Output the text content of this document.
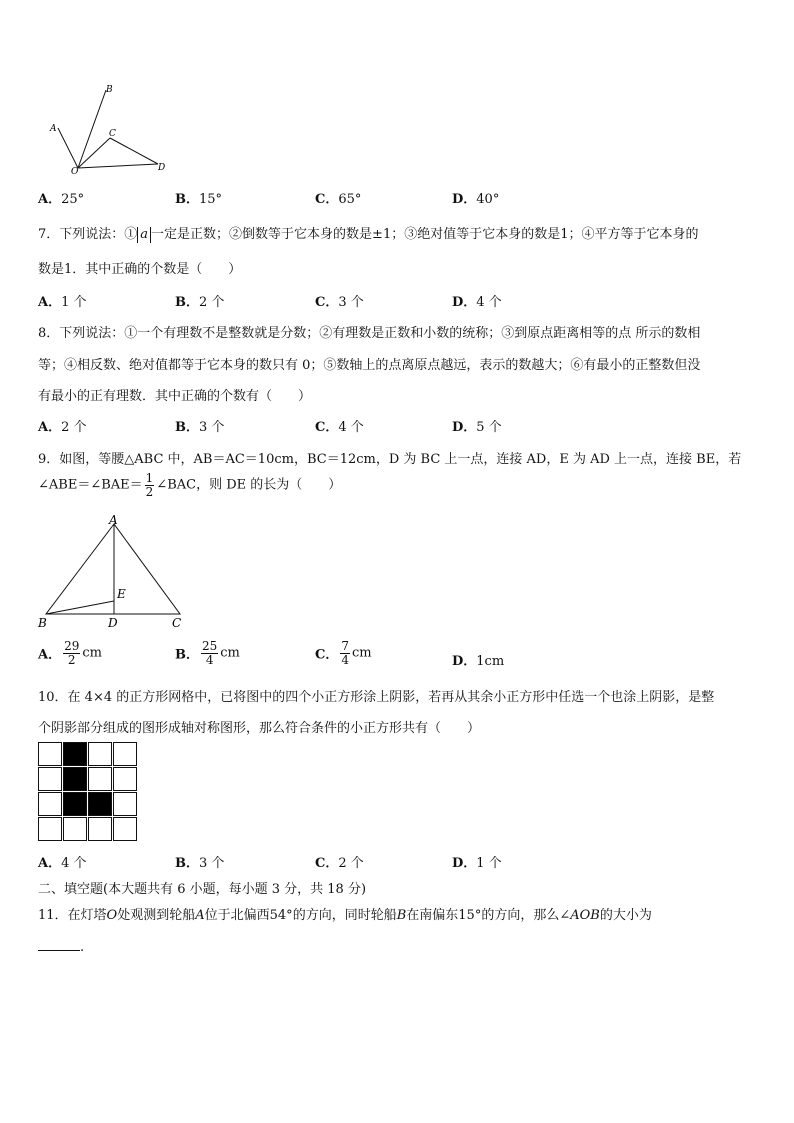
A
B
C
D
O
A．25°	B．15°	C．65°	D．40°
7．下列说法：① a 一定是正数；②倒数等于它本身的数是±1；③绝对值等于它本身的数是1；④平方等于它本身的
数是1．其中正确的个数是（　　）
A．1 个	B．2 个	C．3 个	D．4 个
8．下列说法：①一个有理数不是整数就是分数；②有理数是正数和小数的统称；③到原点距离相等的点 所示的数相
等；④相反数、绝对值都等于它本身的数只有 0；⑤数轴上的点离原点越远，表示的数越大；⑥有最小的正整数但没
有最小的正有理数．其中正确的个数有（　　）
A．2 个	B．3 个	C．4 个	D．5 个
9．如图，等腰△ABC 中，AB＝AC＝10cm，BC＝12cm，D 为 BC 上一点，连接 AD，E 为 AD 上一点，连接 BE，若
∠ABE＝∠BAE＝ $\frac{1}{2}$ ∠BAC，则 DE 的长为（　　）
A
B	C
D
E
A． $\frac{29}{2}$ cm	B． $\frac{25}{4}$ cm	C． $\frac{7}{4}$ cm
D．1cm
10．在 4×4 的正方形网格中，已将图中的四个小正方形涂上阴影，若再从其余小正方形中任选一个也涂上阴影，是整
个阴影部分组成的图形成轴对称图形，那么符合条件的小正方形共有（　　）
A．4 个	B．3 个	C．2 个	D．1 个
二、填空题(本大题共有 6 小题，每小题 3 分，共 18 分)
11．在灯塔O处观测到轮船A位于北偏西54°的方向，同时轮船B在南偏东15°的方向，那么∠AOB的大小为
.
